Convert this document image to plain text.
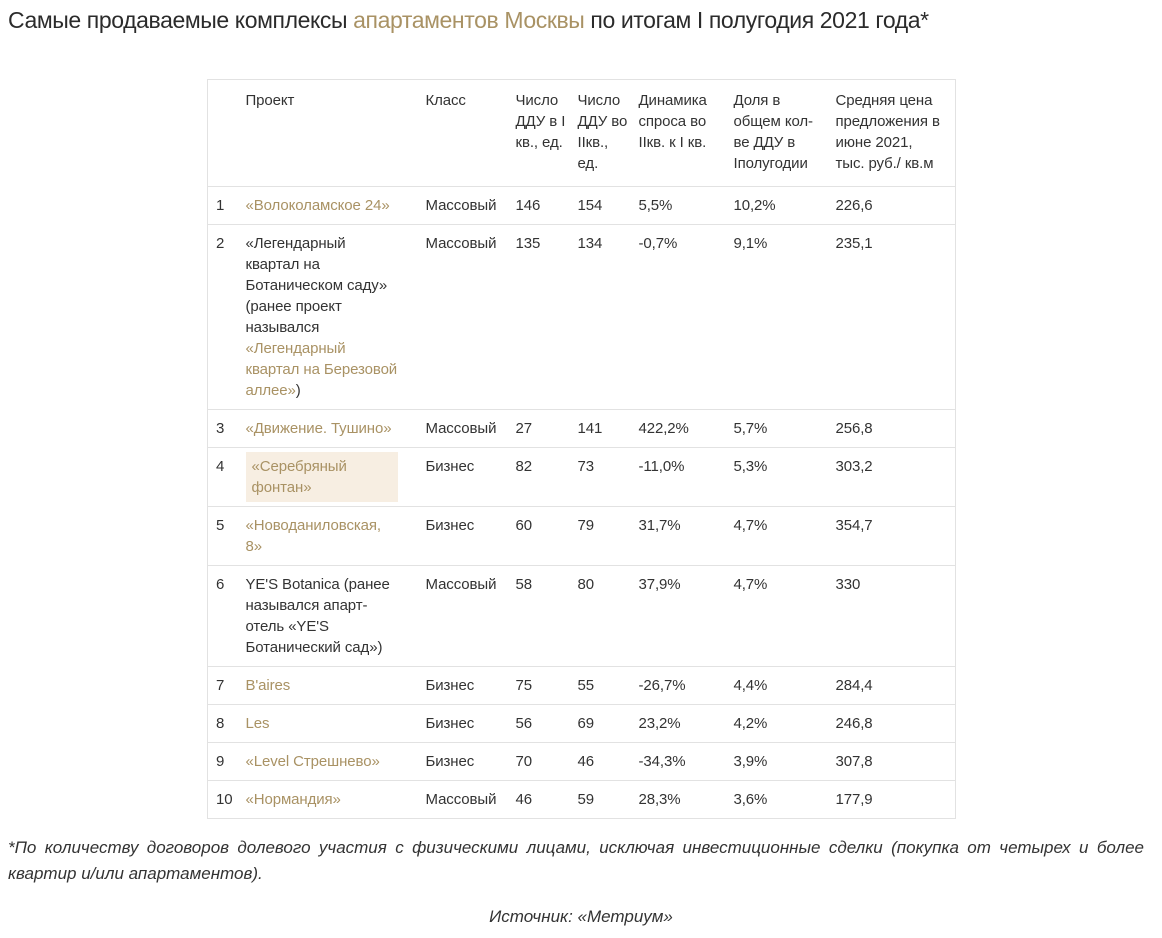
Самые продаваемые комплексы апартаментов Москвы по итогам I полугодия 2021 года*
	Проект	Класс	Число ДДУ в I кв., ед.	Число ДДУ во IIкв., ед.	Динамика спроса во IIкв. к I кв.	Доля в общем кол-ве ДДУ в Iполугодии	Средняя цена предложения в июне 2021, тыс. руб./ кв.м
1	«Волоколамское 24»	Массовый	146	154	5,5%	10,2%	226,6
2	«Легендарный квартал на Ботаническом саду» (ранее проект назывался «Легендарный квартал на Березовой аллее»)	Массовый	135	134	-0,7%	9,1%	235,1
3	«Движение. Тушино»	Массовый	27	141	422,2%	5,7%	256,8
4	«Серебряный фонтан»	Бизнес	82	73	-11,0%	5,3%	303,2
5	«Новоданиловская, 8»	Бизнес	60	79	31,7%	4,7%	354,7
6	YE'S Botanica (ранее назывался апарт-отель «YE'S Ботанический сад»)	Массовый	58	80	37,9%	4,7%	330
7	B'aires	Бизнес	75	55	-26,7%	4,4%	284,4
8	Les	Бизнес	56	69	23,2%	4,2%	246,8
9	«Level Стрешнево»	Бизнес	70	46	-34,3%	3,9%	307,8
10	«Нормандия»	Массовый	46	59	28,3%	3,6%	177,9

*По количеству договоров долевого участия с физическими лицами, исключая инвестиционные сделки (покупка от четырех и более квартир и/или апартаментов).

Источник: «Метриум»
